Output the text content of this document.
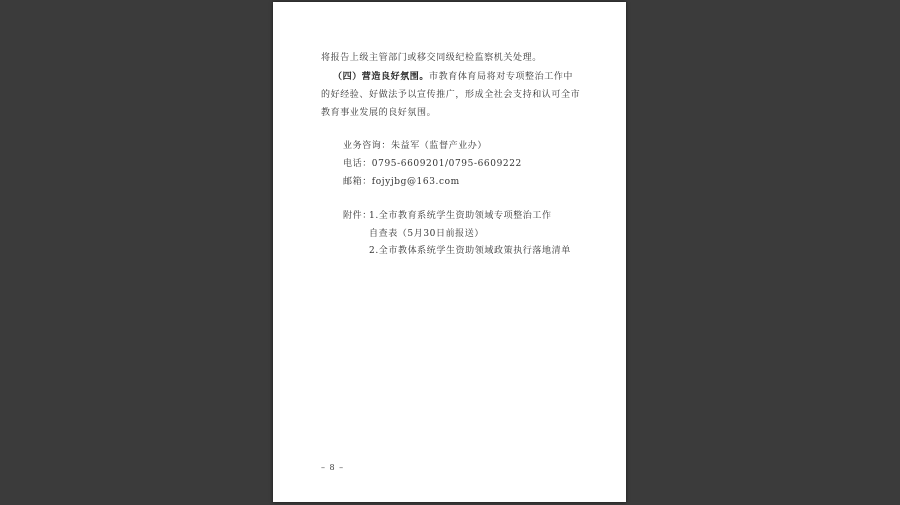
将报告上级主管部门或移交同级纪检监察机关处理。
（四）营造良好氛围。市教育体育局将对专项整治工作中
的好经验、好做法予以宣传推广，形成全社会支持和认可全市
教育事业发展的良好氛围。
业务咨询：朱益军（监督产业办）
电话：0795-6609201/0795-6609222
邮箱：fojyjbg@163.com
附件：
1.全市教育系统学生资助领域专项整治工作
自查表（5月30日前报送）
2.全市教体系统学生资助领域政策执行落地清单
– 8 –
